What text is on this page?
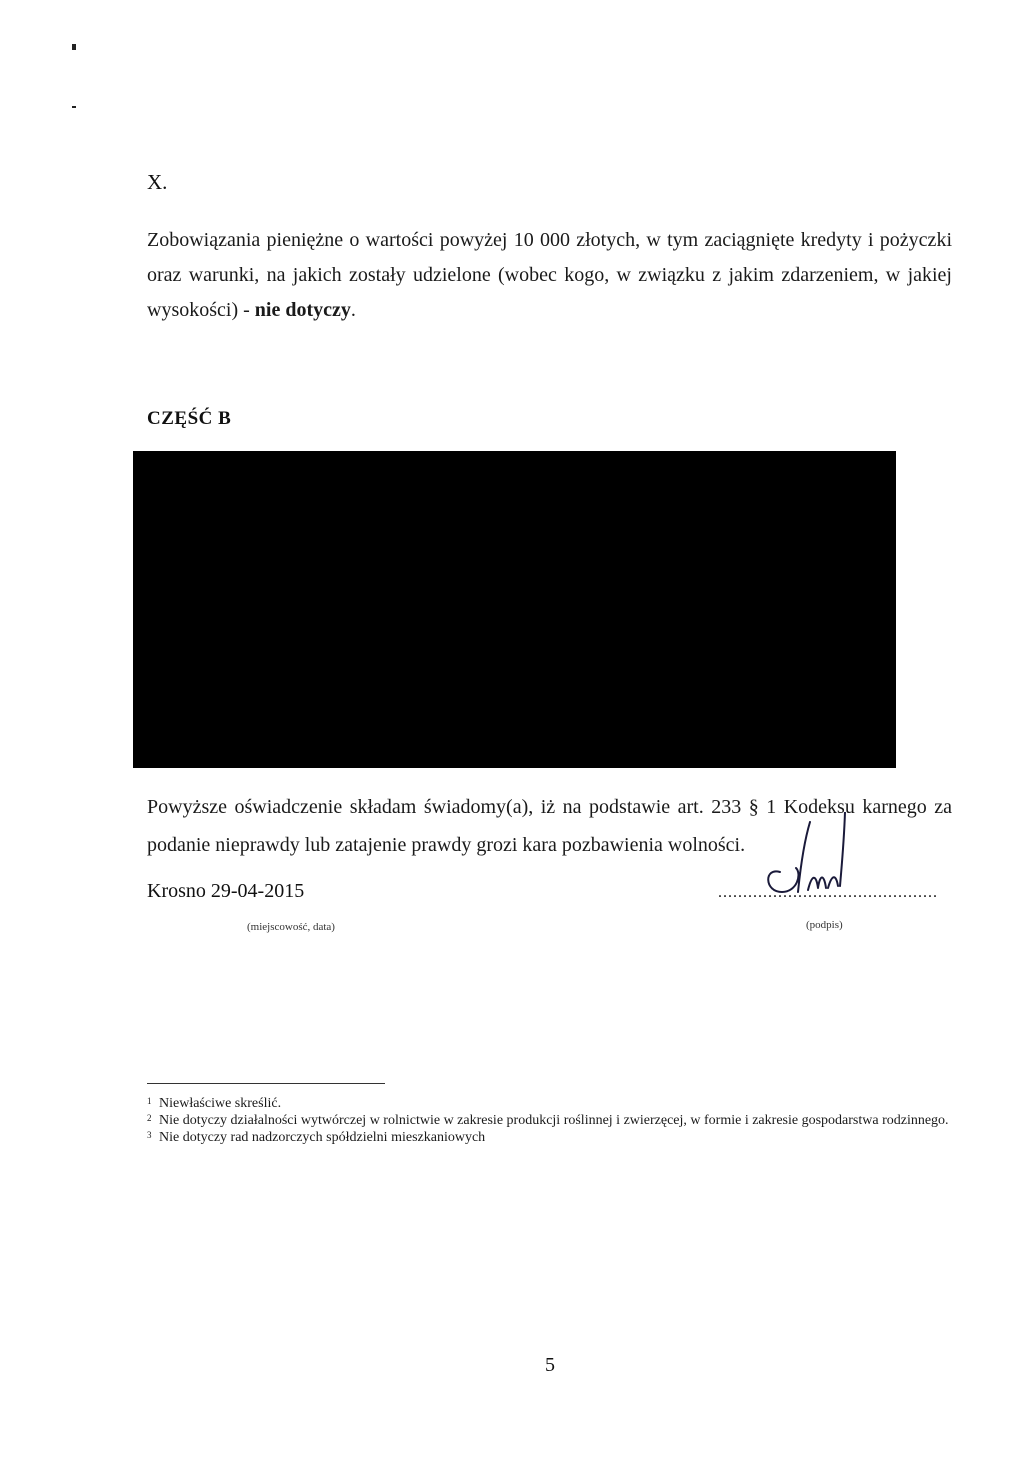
X.
Zobowiązania pieniężne o wartości powyżej 10 000 złotych, w tym zaciągnięte kredyty i pożyczki oraz warunki, na jakich zostały udzielone (wobec kogo, w związku z jakim zdarzeniem, w jakiej wysokości) - nie dotyczy.
CZĘŚĆ B
Powyższe oświadczenie składam świadomy(a), iż na podstawie art. 233 § 1 Kodeksu karnego za podanie nieprawdy lub zatajenie prawdy grozi kara pozbawienia wolności.
Krosno 29-04-2015	............................................
(miejscowość, data)	(podpis)
1 Niewłaściwe skreślić.
2 Nie dotyczy działalności wytwórczej w rolnictwie w zakresie produkcji roślinnej i zwierzęcej, w formie i zakresie gospodarstwa rodzinnego.
3 Nie dotyczy rad nadzorczych spółdzielni mieszkaniowych
5
